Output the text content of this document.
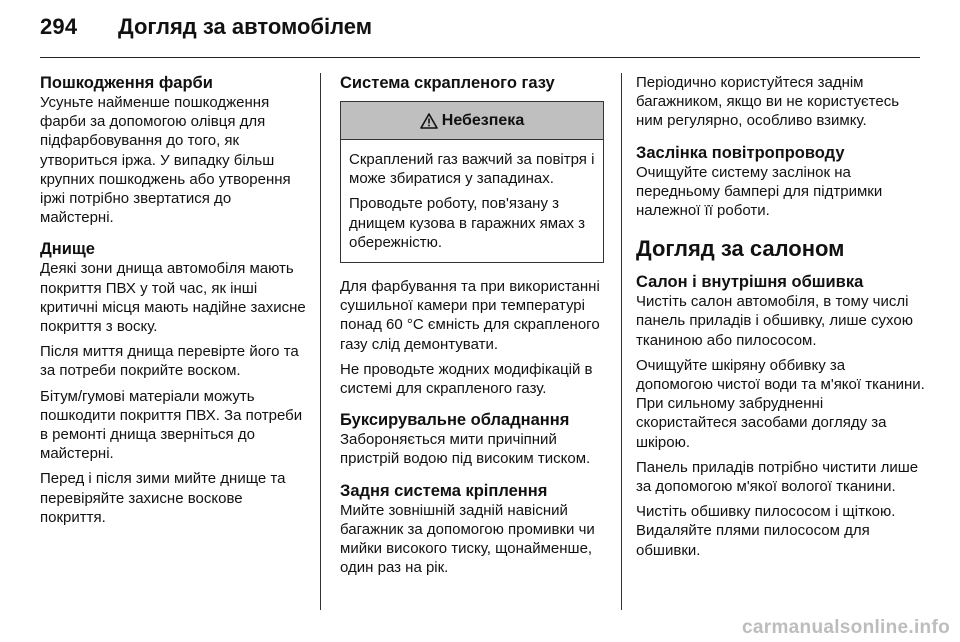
294	Догляд за автомобілем
Пошкодження фарби

Усуньте найменше пошкодження фарби за допомогою олівця для підфарбовування до того, як утвориться іржа. У випадку більш крупних пошкоджень або утворення іржі потрібно звертатися до майстерні.

Днище

Деякі зони днища автомобіля мають покриття ПВХ у той час, як інші критичні місця мають надійне захисне покриття з воску.

Після миття днища перевірте його та за потреби покрийте воском.

Бітум/гумові матеріали можуть пошкодити покриття ПВХ. За потреби в ремонті днища зверніться до майстерні.

Перед і після зими мийте днище та перевіряйте захисне воскове покриття.

Система скрапленого газу
Небезпека

Скраплений газ важчий за повітря і може збиратися у западинах.

Проводьте роботу, пов'язану з днищем кузова в гаражних ямах з обережністю.

Для фарбування та при використанні сушильної камери при температурі понад 60 °C ємність для скрапленого газу слід демонтувати.

Не проводьте жодних модифікацій в системі для скрапленого газу.

Буксирувальне обладнання

Забороняється мити причіпний пристрій водою під високим тиском.

Задня система кріплення

Мийте зовнішній задній навісний багажник за допомогою промивки чи мийки високого тиску, щонайменше, один раз на рік.

Періодично користуйтеся заднім багажником, якщо ви не користуєтесь ним регулярно, особливо взимку.

Заслінка повітропроводу

Очищуйте систему заслінок на передньому бампері для підтримки належної її роботи.

Догляд за салоном
Салон і внутрішня обшивка

Чистіть салон автомобіля, в тому числі панель приладів і обшивку, лише сухою тканиною або пилососом.

Очищуйте шкіряну оббивку за допомогою чистої води та м'якої тканини. При сильному забрудненні скористайтеся засобами догляду за шкірою.

Панель приладів потрібно чистити лише за допомогою м'якої вологої тканини.

Чистіть обшивку пилососом і щіткою. Видаляйте плями пилососом для обшивки.

carmanualsonline.info
